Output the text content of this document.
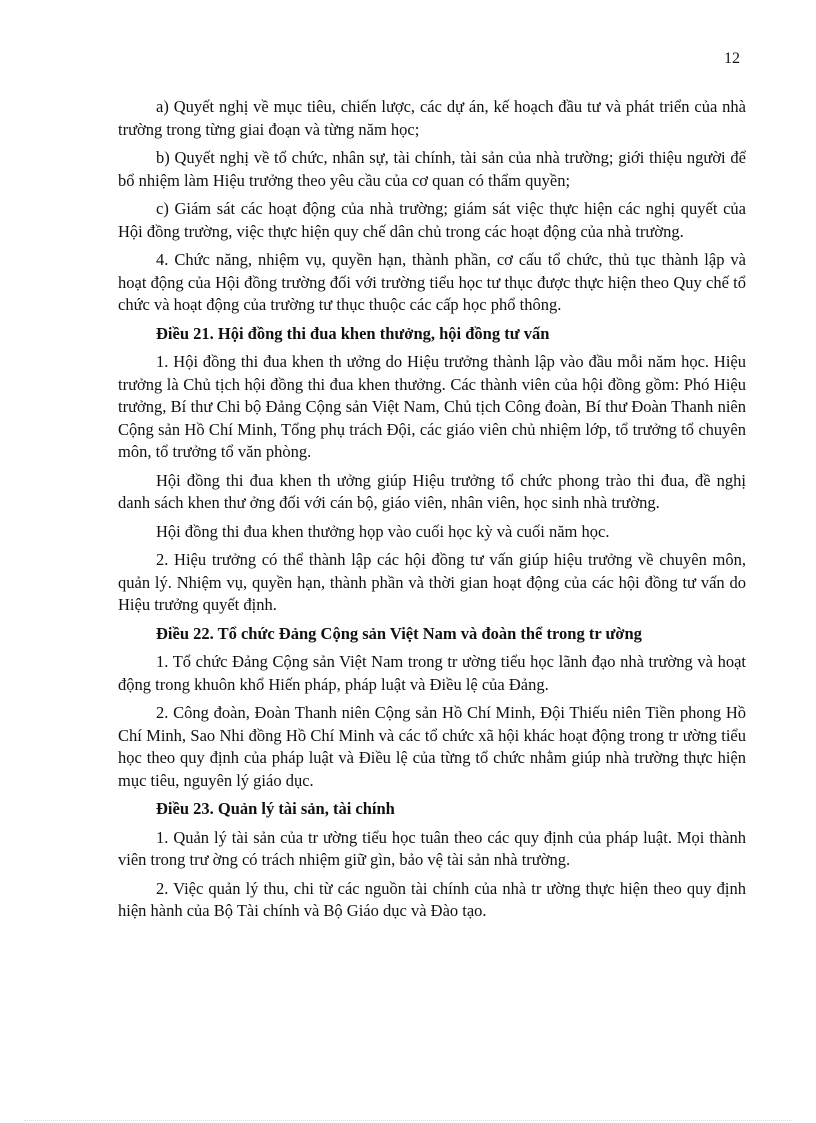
12

a) Quyết nghị về mục tiêu, chiến lược, các dự án, kế hoạch đầu tư và phát triển của nhà trường trong từng giai đoạn và từng năm học;

b) Quyết nghị về tổ chức, nhân sự, tài chính, tài sản của nhà trường; giới thiệu người để bổ nhiệm làm Hiệu trưởng theo yêu cầu của cơ quan có thẩm quyền;

c) Giám sát các hoạt động của nhà trường; giám sát việc thực hiện các nghị quyết của Hội đồng trường, việc thực hiện quy chế dân chủ trong các hoạt động của nhà trường.

4. Chức năng, nhiệm vụ, quyền hạn, thành phần, cơ cấu tổ chức, thủ tục thành lập và hoạt động của Hội đồng trường đối với trường tiểu học tư thục được thực hiện theo Quy chế tổ chức và hoạt động của trường tư thục thuộc các cấp học phổ thông.

Điều 21. Hội đồng thi đua khen thưởng, hội đồng tư vấn

1. Hội đồng thi đua khen th ưởng do Hiệu trưởng thành lập vào đầu mỗi năm học. Hiệu trưởng là Chủ tịch hội đồng thi đua khen thưởng. Các thành viên của hội đồng gồm: Phó Hiệu trưởng, Bí thư Chi bộ Đảng Cộng sản Việt Nam, Chủ tịch Công đoàn, Bí thư Đoàn Thanh niên Cộng sản Hồ Chí Minh, Tổng phụ trách Đội, các giáo viên chủ nhiệm lớp, tổ trưởng tổ chuyên môn, tổ trưởng tổ văn phòng.

Hội đồng thi đua khen th ưởng giúp Hiệu trưởng tổ chức phong trào thi đua, đề nghị danh sách khen thư ởng đối với cán bộ, giáo viên, nhân viên, học sinh nhà trường.

Hội đồng thi đua khen thưởng họp vào cuối học kỳ và cuối năm học.

2. Hiệu trưởng có thể thành lập các hội đồng tư vấn giúp hiệu trưởng về chuyên môn, quản lý. Nhiệm vụ, quyền hạn, thành phần và thời gian hoạt động của các hội đồng tư vấn do Hiệu trưởng quyết định.

Điều 22. Tổ chức Đảng Cộng sản Việt Nam và đoàn thể trong tr ường

1. Tổ chức Đảng Cộng sản Việt Nam trong tr ường tiểu học lãnh đạo nhà trường và hoạt động trong khuôn khổ Hiến pháp, pháp luật và Điều lệ của Đảng.

2. Công đoàn, Đoàn Thanh niên Cộng sản Hồ Chí Minh, Đội Thiếu niên Tiền phong Hồ Chí Minh, Sao Nhi đồng Hồ Chí Minh và các tổ chức xã hội khác hoạt động trong tr ường tiểu học theo quy định của pháp luật và Điều lệ của từng tổ chức nhằm giúp nhà trường thực hiện mục tiêu, nguyên lý giáo dục.

Điều 23. Quản lý tài sản, tài chính

1. Quản lý tài sản của tr ường tiểu học tuân theo các quy định của pháp luật. Mọi thành viên trong trư ờng có trách nhiệm giữ gìn, bảo vệ tài sản nhà trường.

2. Việc quản lý thu, chi từ các nguồn tài chính của nhà tr ường thực hiện theo quy định hiện hành của Bộ Tài chính và Bộ Giáo dục và Đào tạo.
